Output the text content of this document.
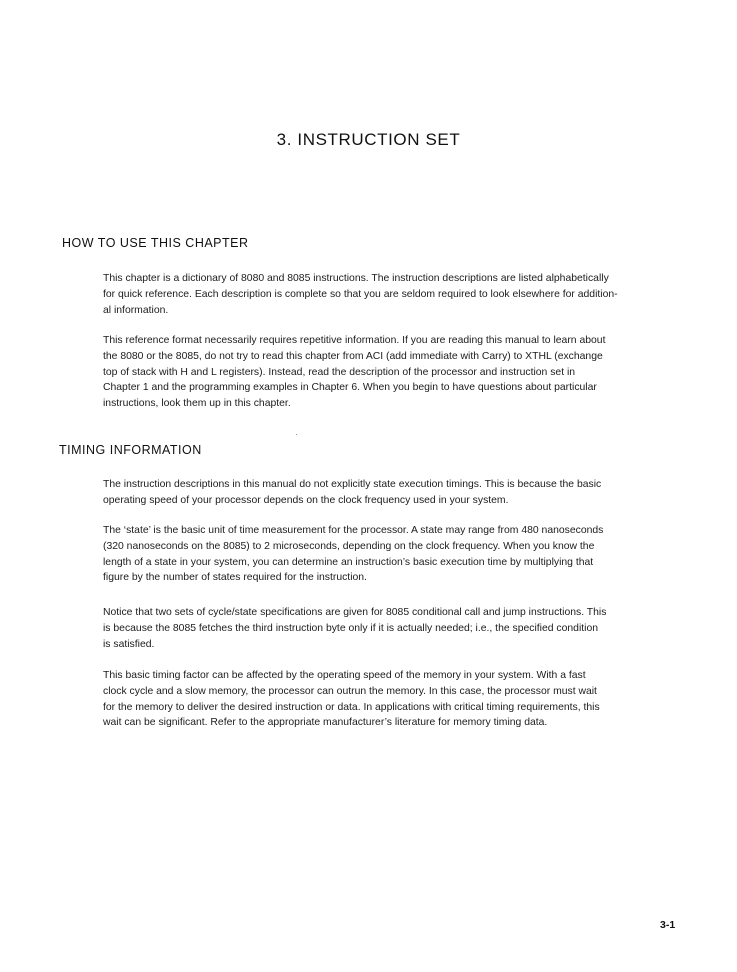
3. INSTRUCTION SET
HOW TO USE THIS CHAPTER
This chapter is a dictionary of 8080 and 8085 instructions. The instruction descriptions are listed alphabetically
for quick reference. Each description is complete so that you are seldom required to look elsewhere for addition-
al information.
This reference format necessarily requires repetitive information. If you are reading this manual to learn about
the 8080 or the 8085, do not try to read this chapter from ACI (add immediate with Carry) to XTHL (exchange
top of stack with H and L registers). Instead, read the description of the processor and instruction set in
Chapter 1 and the programming examples in Chapter 6. When you begin to have questions about particular
instructions, look them up in this chapter.
TIMING INFORMATION
The instruction descriptions in this manual do not explicitly state execution timings. This is because the basic
operating speed of your processor depends on the clock frequency used in your system.
The ‘state’ is the basic unit of time measurement for the processor. A state may range from 480 nanoseconds
(320 nanoseconds on the 8085) to 2 microseconds, depending on the clock frequency. When you know the
length of a state in your system, you can determine an instruction’s basic execution time by multiplying that
figure by the number of states required for the instruction.
Notice that two sets of cycle/state specifications are given for 8085 conditional call and jump instructions. This
is because the 8085 fetches the third instruction byte only if it is actually needed; i.e., the specified condition
is satisfied.
This basic timing factor can be affected by the operating speed of the memory in your system. With a fast
clock cycle and a slow memory, the processor can outrun the memory. In this case, the processor must wait
for the memory to deliver the desired instruction or data. In applications with critical timing requirements, this
wait can be significant. Refer to the appropriate manufacturer’s literature for memory timing data.
3-1
